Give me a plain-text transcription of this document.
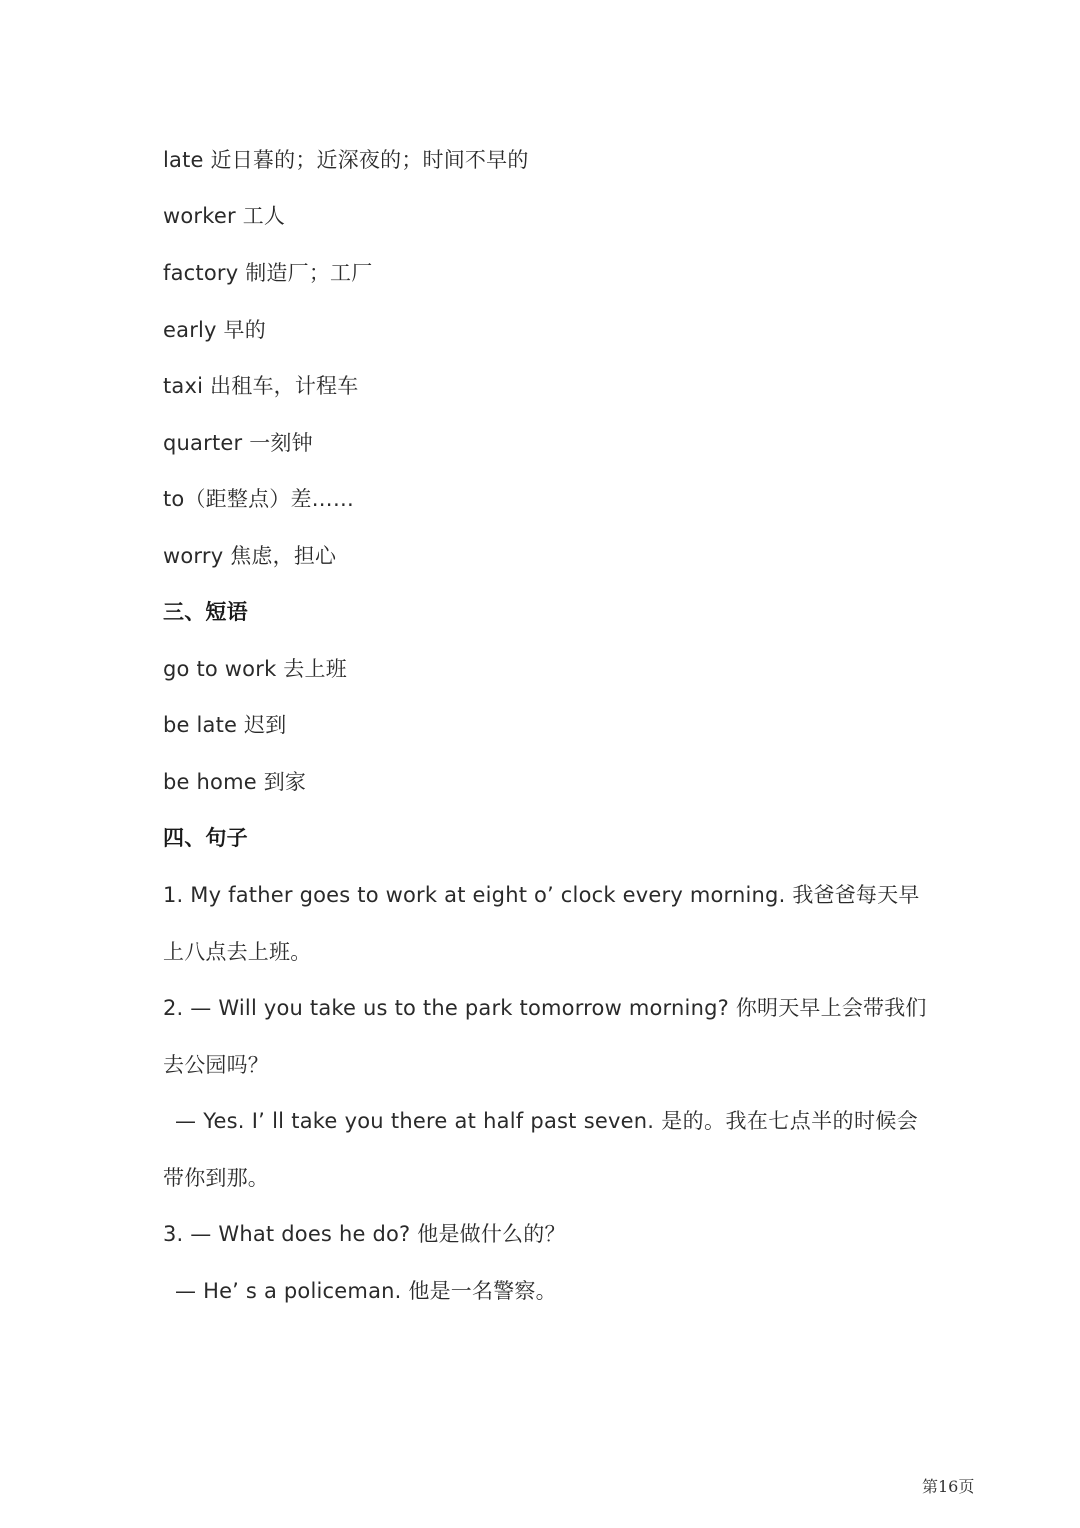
late 近日暮的；近深夜的；时间不早的
worker 工人
factory 制造厂；工厂
early 早的
taxi 出租车，计程车
quarter 一刻钟
to（距整点）差……
worry 焦虑，担心
三、短语
go to work 去上班
be late 迟到
be home 到家
四、句子
1. My father goes to work at eight o’ clock every morning. 我爸爸每天早
上八点去上班。
2. — Will you take us to the park tomorrow morning? 你明天早上会带我们
去公园吗？
— Yes. I’ ll take you there at half past seven. 是的。我在七点半的时候会
带你到那。
3. — What does he do? 他是做什么的？
— He’ s a policeman. 他是一名警察。
第16页
